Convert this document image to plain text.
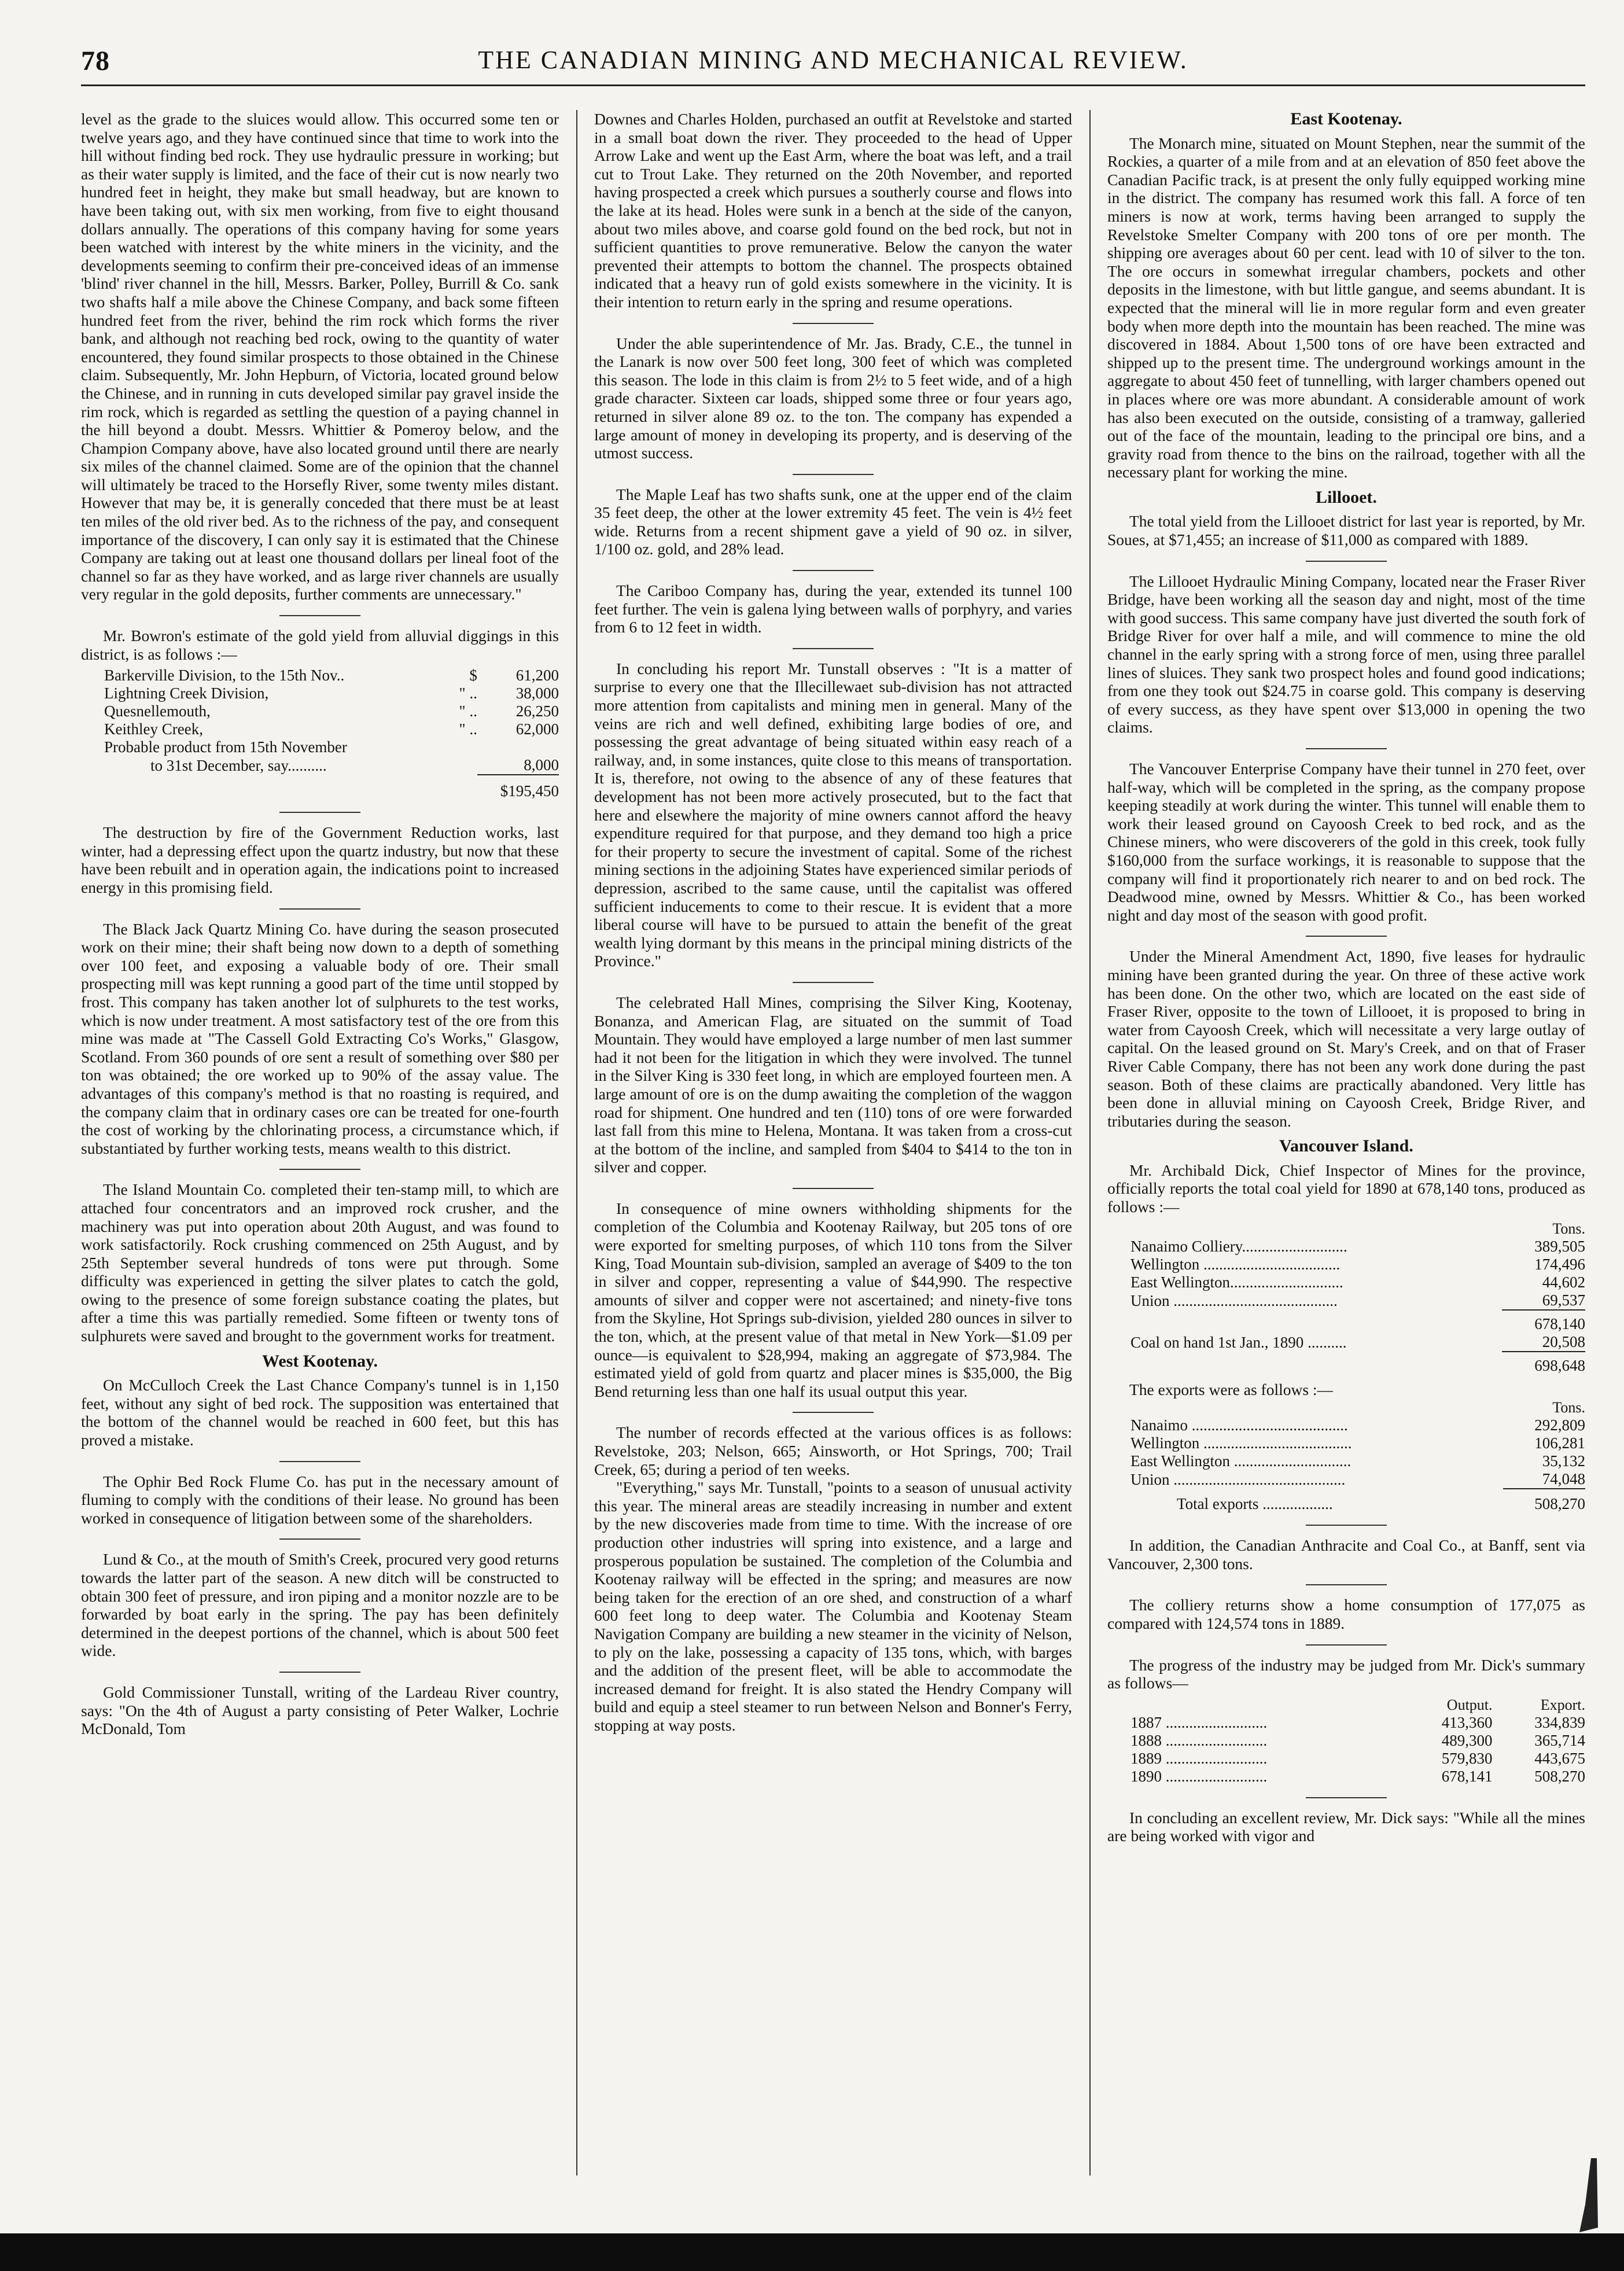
78	THE CANADIAN MINING AND MECHANICAL REVIEW.

level as the grade to the sluices would allow. This occurred some ten or twelve years ago, and they have continued since that time to work into the hill without finding bed rock. They use hydraulic pressure in working; but as their water supply is limited, and the face of their cut is now nearly two hundred feet in height, they make but small headway, but are known to have been taking out, with six men working, from five to eight thousand dollars annually. The operations of this company having for some years been watched with interest by the white miners in the vicinity, and the developments seeming to confirm their pre-conceived ideas of an immense 'blind' river channel in the hill, Messrs. Barker, Polley, Burrill & Co. sank two shafts half a mile above the Chinese Company, and back some fifteen hundred feet from the river, behind the rim rock which forms the river bank, and although not reaching bed rock, owing to the quantity of water encountered, they found similar prospects to those obtained in the Chinese claim. Subsequently, Mr. John Hepburn, of Victoria, located ground below the Chinese, and in running in cuts developed similar pay gravel inside the rim rock, which is regarded as settling the question of a paying channel in the hill beyond a doubt. Messrs. Whittier & Pomeroy below, and the Champion Company above, have also located ground until there are nearly six miles of the channel claimed. Some are of the opinion that the channel will ultimately be traced to the Horsefly River, some twenty miles distant. However that may be, it is generally conceded that there must be at least ten miles of the old river bed. As to the richness of the pay, and consequent importance of the discovery, I can only say it is estimated that the Chinese Company are taking out at least one thousand dollars per lineal foot of the channel so far as they have worked, and as large river channels are usually very regular in the gold deposits, further comments are unnecessary."

Mr. Bowron's estimate of the gold yield from alluvial diggings in this district, is as follows :—

Barkerville Division, to the 15th Nov..	$	61,200
Lightning Creek Division,	" ..	38,000
Quesnellemouth,	" ..	26,250
Keithley Creek,	" ..	62,000
Probable product from 15th November		
to 31st December, say..........		8,000
		$195,450

The destruction by fire of the Government Reduction works, last winter, had a depressing effect upon the quartz industry, but now that these have been rebuilt and in operation again, the indications point to increased energy in this promising field.

The Black Jack Quartz Mining Co. have during the season prosecuted work on their mine; their shaft being now down to a depth of something over 100 feet, and exposing a valuable body of ore. Their small prospecting mill was kept running a good part of the time until stopped by frost. This company has taken another lot of sulphurets to the test works, which is now under treatment. A most satisfactory test of the ore from this mine was made at "The Cassell Gold Extracting Co's Works," Glasgow, Scotland. From 360 pounds of ore sent a result of something over $80 per ton was obtained; the ore worked up to 90% of the assay value. The advantages of this company's method is that no roasting is required, and the company claim that in ordinary cases ore can be treated for one-fourth the cost of working by the chlorinating process, a circumstance which, if substantiated by further working tests, means wealth to this district.

The Island Mountain Co. completed their ten-stamp mill, to which are attached four concentrators and an improved rock crusher, and the machinery was put into operation about 20th August, and was found to work satisfactorily. Rock crushing commenced on 25th August, and by 25th September several hundreds of tons were put through. Some difficulty was experienced in getting the silver plates to catch the gold, owing to the presence of some foreign substance coating the plates, but after a time this was partially remedied. Some fifteen or twenty tons of sulphurets were saved and brought to the government works for treatment.

West Kootenay.

On McCulloch Creek the Last Chance Company's tunnel is in 1,150 feet, without any sight of bed rock. The supposition was entertained that the bottom of the channel would be reached in 600 feet, but this has proved a mistake.

The Ophir Bed Rock Flume Co. has put in the necessary amount of fluming to comply with the conditions of their lease. No ground has been worked in consequence of litigation between some of the shareholders.

Lund & Co., at the mouth of Smith's Creek, procured very good returns towards the latter part of the season. A new ditch will be constructed to obtain 300 feet of pressure, and iron piping and a monitor nozzle are to be forwarded by boat early in the spring. The pay has been definitely determined in the deepest portions of the channel, which is about 500 feet wide.

Gold Commissioner Tunstall, writing of the Lardeau River country, says: "On the 4th of August a party consisting of Peter Walker, Lochrie McDonald, Tom

Downes and Charles Holden, purchased an outfit at Revelstoke and started in a small boat down the river. They proceeded to the head of Upper Arrow Lake and went up the East Arm, where the boat was left, and a trail cut to Trout Lake. They returned on the 20th November, and reported having prospected a creek which pursues a southerly course and flows into the lake at its head. Holes were sunk in a bench at the side of the canyon, about two miles above, and coarse gold found on the bed rock, but not in sufficient quantities to prove remunerative. Below the canyon the water prevented their attempts to bottom the channel. The prospects obtained indicated that a heavy run of gold exists somewhere in the vicinity. It is their intention to return early in the spring and resume operations.

Under the able superintendence of Mr. Jas. Brady, C.E., the tunnel in the Lanark is now over 500 feet long, 300 feet of which was completed this season. The lode in this claim is from 2½ to 5 feet wide, and of a high grade character. Sixteen car loads, shipped some three or four years ago, returned in silver alone 89 oz. to the ton. The company has expended a large amount of money in developing its property, and is deserving of the utmost success.

The Maple Leaf has two shafts sunk, one at the upper end of the claim 35 feet deep, the other at the lower extremity 45 feet. The vein is 4½ feet wide. Returns from a recent shipment gave a yield of 90 oz. in silver, 1/100 oz. gold, and 28% lead.

The Cariboo Company has, during the year, extended its tunnel 100 feet further. The vein is galena lying between walls of porphyry, and varies from 6 to 12 feet in width.

In concluding his report Mr. Tunstall observes : "It is a matter of surprise to every one that the Illecillewaet sub-division has not attracted more attention from capitalists and mining men in general. Many of the veins are rich and well defined, exhibiting large bodies of ore, and possessing the great advantage of being situated within easy reach of a railway, and, in some instances, quite close to this means of transportation. It is, therefore, not owing to the absence of any of these features that development has not been more actively prosecuted, but to the fact that here and elsewhere the majority of mine owners cannot afford the heavy expenditure required for that purpose, and they demand too high a price for their property to secure the investment of capital. Some of the richest mining sections in the adjoining States have experienced similar periods of depression, ascribed to the same cause, until the capitalist was offered sufficient inducements to come to their rescue. It is evident that a more liberal course will have to be pursued to attain the benefit of the great wealth lying dormant by this means in the principal mining districts of the Province."

The celebrated Hall Mines, comprising the Silver King, Kootenay, Bonanza, and American Flag, are situated on the summit of Toad Mountain. They would have employed a large number of men last summer had it not been for the litigation in which they were involved. The tunnel in the Silver King is 330 feet long, in which are employed fourteen men. A large amount of ore is on the dump awaiting the completion of the waggon road for shipment. One hundred and ten (110) tons of ore were forwarded last fall from this mine to Helena, Montana. It was taken from a cross-cut at the bottom of the incline, and sampled from $404 to $414 to the ton in silver and copper.

In consequence of mine owners withholding shipments for the completion of the Columbia and Kootenay Railway, but 205 tons of ore were exported for smelting purposes, of which 110 tons from the Silver King, Toad Mountain sub-division, sampled an average of $409 to the ton in silver and copper, representing a value of $44,990. The respective amounts of silver and copper were not ascertained; and ninety-five tons from the Skyline, Hot Springs sub-division, yielded 280 ounces in silver to the ton, which, at the present value of that metal in New York—$1.09 per ounce—is equivalent to $28,994, making an aggregate of $73,984. The estimated yield of gold from quartz and placer mines is $35,000, the Big Bend returning less than one half its usual output this year.

The number of records effected at the various offices is as follows: Revelstoke, 203; Nelson, 665; Ainsworth, or Hot Springs, 700; Trail Creek, 65; during a period of ten weeks.

"Everything," says Mr. Tunstall, "points to a season of unusual activity this year. The mineral areas are steadily increasing in number and extent by the new discoveries made from time to time. With the increase of ore production other industries will spring into existence, and a large and prosperous population be sustained. The completion of the Columbia and Kootenay railway will be effected in the spring; and measures are now being taken for the erection of an ore shed, and construction of a wharf 600 feet long to deep water. The Columbia and Kootenay Steam Navigation Company are building a new steamer in the vicinity of Nelson, to ply on the lake, possessing a capacity of 135 tons, which, with barges and the addition of the present fleet, will be able to accommodate the increased demand for freight. It is also stated the Hendry Company will build and equip a steel steamer to run between Nelson and Bonner's Ferry, stopping at way posts.

East Kootenay.

The Monarch mine, situated on Mount Stephen, near the summit of the Rockies, a quarter of a mile from and at an elevation of 850 feet above the Canadian Pacific track, is at present the only fully equipped working mine in the district. The company has resumed work this fall. A force of ten miners is now at work, terms having been arranged to supply the Revelstoke Smelter Company with 200 tons of ore per month. The shipping ore averages about 60 per cent. lead with 10 of silver to the ton. The ore occurs in somewhat irregular chambers, pockets and other deposits in the limestone, with but little gangue, and seems abundant. It is expected that the mineral will lie in more regular form and even greater body when more depth into the mountain has been reached. The mine was discovered in 1884. About 1,500 tons of ore have been extracted and shipped up to the present time. The underground workings amount in the aggregate to about 450 feet of tunnelling, with larger chambers opened out in places where ore was more abundant. A considerable amount of work has also been executed on the outside, consisting of a tramway, galleried out of the face of the mountain, leading to the principal ore bins, and a gravity road from thence to the bins on the railroad, together with all the necessary plant for working the mine.

Lillooet.

The total yield from the Lillooet district for last year is reported, by Mr. Soues, at $71,455; an increase of $11,000 as compared with 1889.

The Lillooet Hydraulic Mining Company, located near the Fraser River Bridge, have been working all the season day and night, most of the time with good success. This same company have just diverted the south fork of Bridge River for over half a mile, and will commence to mine the old channel in the early spring with a strong force of men, using three parallel lines of sluices. They sank two prospect holes and found good indications; from one they took out $24.75 in coarse gold. This company is deserving of every success, as they have spent over $13,000 in opening the two claims.

The Vancouver Enterprise Company have their tunnel in 270 feet, over half-way, which will be completed in the spring, as the company propose keeping steadily at work during the winter. This tunnel will enable them to work their leased ground on Cayoosh Creek to bed rock, and as the Chinese miners, who were discoverers of the gold in this creek, took fully $160,000 from the surface workings, it is reasonable to suppose that the company will find it proportionately rich nearer to and on bed rock. The Deadwood mine, owned by Messrs. Whittier & Co., has been worked night and day most of the season with good profit.

Under the Mineral Amendment Act, 1890, five leases for hydraulic mining have been granted during the year. On three of these active work has been done. On the other two, which are located on the east side of Fraser River, opposite to the town of Lillooet, it is proposed to bring in water from Cayoosh Creek, which will necessitate a very large outlay of capital. On the leased ground on St. Mary's Creek, and on that of Fraser River Cable Company, there has not been any work done during the past season. Both of these claims are practically abandoned. Very little has been done in alluvial mining on Cayoosh Creek, Bridge River, and tributaries during the season.

Vancouver Island.

Mr. Archibald Dick, Chief Inspector of Mines for the province, officially reports the total coal yield for 1890 at 678,140 tons, produced as follows :—

	Tons.
Nanaimo Colliery...........................	389,505
Wellington ...................................	174,496
East Wellington.............................	44,602
Union ..........................................	69,537
	678,140
Coal on hand 1st Jan., 1890 ..........	20,508
	698,648

The exports were as follows :—

	Tons.
Nanaimo ........................................	292,809
Wellington ......................................	106,281
East Wellington ..............................	35,132
Union ............................................	74,048
Total exports ..................	508,270

In addition, the Canadian Anthracite and Coal Co., at Banff, sent via Vancouver, 2,300 tons.

The colliery returns show a home consumption of 177,075 as compared with 124,574 tons in 1889.

The progress of the industry may be judged from Mr. Dick's summary as follows—

	Output.	Export.
1887 ..........................	413,360	334,839
1888 ..........................	489,300	365,714
1889 ..........................	579,830	443,675
1890 ..........................	678,141	508,270

In concluding an excellent review, Mr. Dick says: "While all the mines are being worked with vigor and
